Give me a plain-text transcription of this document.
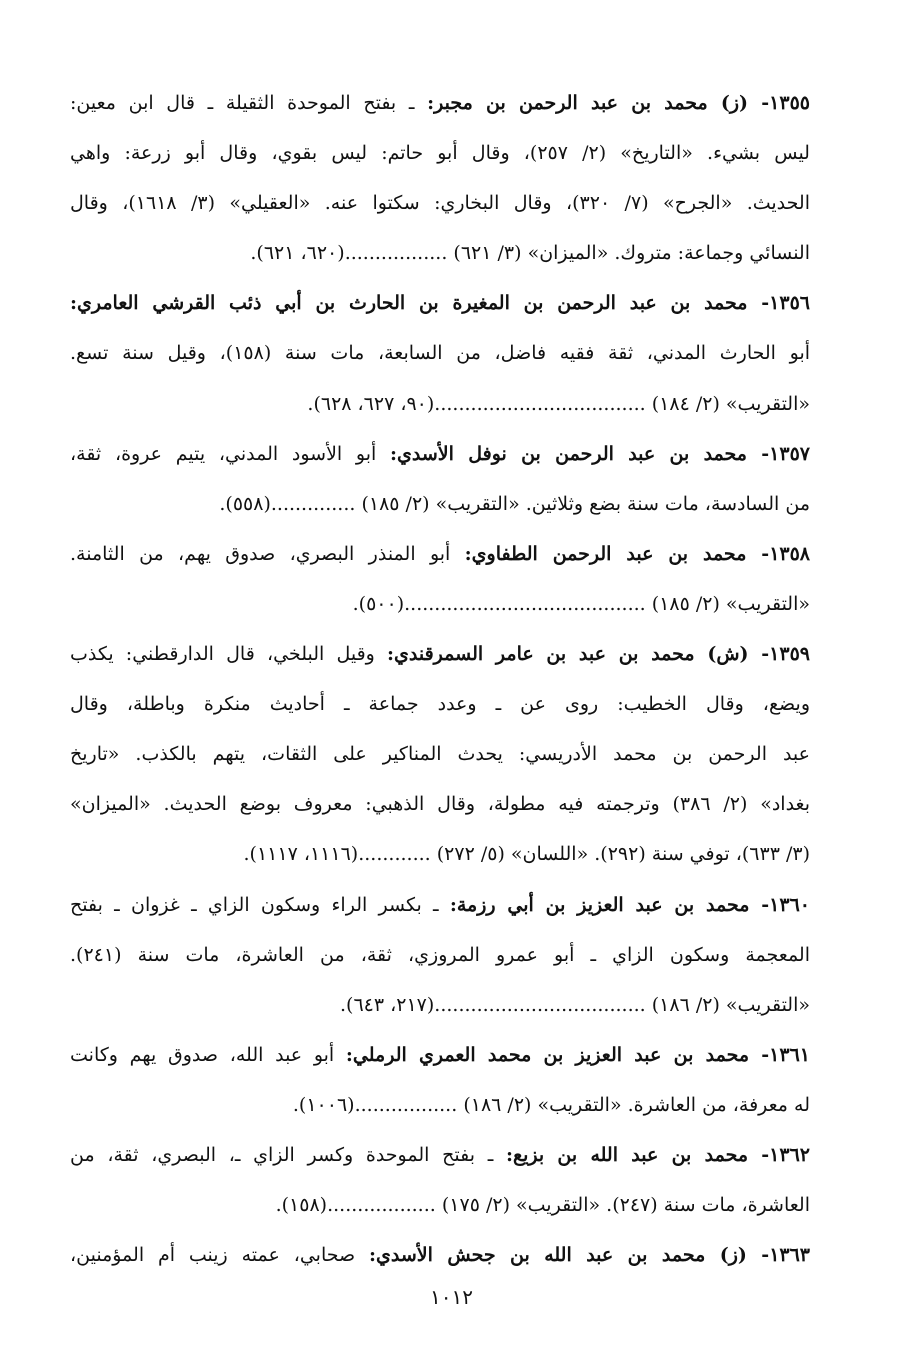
١٣٥٥- (ز) محمد بن عبد الرحمن بن مجبر: ـ بفتح الموحدة الثقيلة ـ قال ابن معين:
ليس بشيء. «التاريخ» (٢/ ٢٥٧)، وقال أبو حاتم: ليس بقوي، وقال أبو زرعة: واهي
الحديث. «الجرح» (٧/ ٣٢٠)، وقال البخاري: سكتوا عنه. «العقيلي» (٣/ ١٦١٨)، وقال
النسائي وجماعة: متروك. «الميزان» (٣/ ٦٢١) .................(٦٢٠، ٦٢١).
١٣٥٦- محمد بن عبد الرحمن بن المغيرة بن الحارث بن أبي ذئب القرشي العامري:
أبو الحارث المدني، ثقة فقيه فاضل، من السابعة، مات سنة (١٥٨)، وقيل سنة تسع.
«التقريب» (٢/ ١٨٤) ...................................(٩٠، ٦٢٧، ٦٢٨).
١٣٥٧- محمد بن عبد الرحمن بن نوفل الأسدي: أبو الأسود المدني، يتيم عروة، ثقة،
من السادسة، مات سنة بضع وثلاثين. «التقريب» (٢/ ١٨٥) ..............(٥٥٨).
١٣٥٨- محمد بن عبد الرحمن الطفاوي: أبو المنذر البصري، صدوق يهم، من الثامنة.
«التقريب» (٢/ ١٨٥) ........................................(٥٠٠).
١٣٥٩- (ش) محمد بن عبد بن عامر السمرقندي: وقيل البلخي، قال الدارقطني: يكذب
ويضع، وقال الخطيب: روى عن ـ وعدد جماعة ـ أحاديث منكرة وباطلة، وقال
عبد الرحمن بن محمد الأدريسي: يحدث المناكير على الثقات، يتهم بالكذب. «تاريخ
بغداد» (٢/ ٣٨٦) وترجمته فيه مطولة، وقال الذهبي: معروف بوضع الحديث. «الميزان»
(٣/ ٦٣٣)، توفي سنة (٢٩٢). «اللسان» (٥/ ٢٧٢) ............(١١١٦، ١١١٧).
١٣٦٠- محمد بن عبد العزيز بن أبي رزمة: ـ بكسر الراء وسكون الزاي ـ غزوان ـ بفتح
المعجمة وسكون الزاي ـ أبو عمرو المروزي، ثقة، من العاشرة، مات سنة (٢٤١).
«التقريب» (٢/ ١٨٦) ...................................(٢١٧، ٦٤٣).
١٣٦١- محمد بن عبد العزيز بن محمد العمري الرملي: أبو عبد الله، صدوق يهم وكانت
له معرفة، من العاشرة. «التقريب» (٢/ ١٨٦) .................(١٠٠٦).
١٣٦٢- محمد بن عبد الله بن بزيع: ـ بفتح الموحدة وكسر الزاي ـ، البصري، ثقة، من
العاشرة، مات سنة (٢٤٧). «التقريب» (٢/ ١٧٥) ..................(١٥٨).
١٣٦٣- (ز) محمد بن عبد الله بن جحش الأسدي: صحابي، عمته زينب أم المؤمنين،
١٠١٢
